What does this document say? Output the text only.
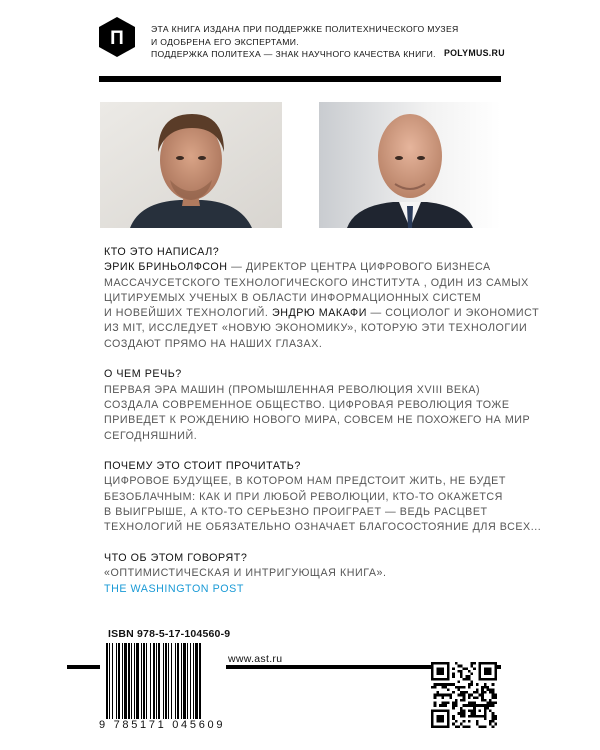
П	ЭТА КНИГА ИЗДАНА ПРИ ПОДДЕРЖКЕ ПОЛИТЕХНИЧЕСКОГО МУЗЕЯ
И ОДОБРЕНА ЕГО ЭКСПЕРТАМИ.
ПОДДЕРЖКА ПОЛИТЕХА — ЗНАК НАУЧНОГО КАЧЕСТВА КНИГИ. POLYMUS.RU
КТО ЭТО НАПИСАЛ?
ЭРИК БРИНЬОЛФСОН — ДИРЕКТОР ЦЕНТРА ЦИФРОВОГО БИЗНЕСА
МАССАЧУСЕТСКОГО ТЕХНОЛОГИЧЕСКОГО ИНСТИТУТА , ОДИН ИЗ САМЫХ
ЦИТИРУЕМЫХ УЧЕНЫХ В ОБЛАСТИ ИНФОРМАЦИОННЫХ СИСТЕМ
И НОВЕЙШИХ ТЕХНОЛОГИЙ. ЭНДРЮ МАКАФИ — СОЦИОЛОГ И ЭКОНОМИСТ
ИЗ MIT, ИССЛЕДУЕТ «НОВУЮ ЭКОНОМИКУ», КОТОРУЮ ЭТИ ТЕХНОЛОГИИ
СОЗДАЮТ ПРЯМО НА НАШИХ ГЛАЗАХ.
О ЧЕМ РЕЧЬ?
ПЕРВАЯ ЭРА МАШИН (ПРОМЫШЛЕННАЯ РЕВОЛЮЦИЯ XVIII ВЕКА)
СОЗДАЛА СОВРЕМЕННОЕ ОБЩЕСТВО. ЦИФРОВАЯ РЕВОЛЮЦИЯ ТОЖЕ
ПРИВЕДЕТ К РОЖДЕНИЮ НОВОГО МИРА, СОВСЕМ НЕ ПОХОЖЕГО НА МИР
СЕГОДНЯШНИЙ.
ПОЧЕМУ ЭТО СТОИТ ПРОЧИТАТЬ?
ЦИФРОВОЕ БУДУЩЕЕ, В КОТОРОМ НАМ ПРЕДСТОИТ ЖИТЬ, НЕ БУДЕТ
БЕЗОБЛАЧНЫМ: КАК И ПРИ ЛЮБОЙ РЕВОЛЮЦИИ, КТО-ТО ОКАЖЕТСЯ
В ВЫИГРЫШЕ, А КТО-ТО СЕРЬЕЗНО ПРОИГРАЕТ — ВЕДЬ РАСЦВЕТ
ТЕХНОЛОГИЙ НЕ ОБЯЗАТЕЛЬНО ОЗНАЧАЕТ БЛАГОСОСТОЯНИЕ ДЛЯ ВСЕХ...
ЧТО ОБ ЭТОМ ГОВОРЯТ?
«ОПТИМИСТИЧЕСКАЯ И ИНТРИГУЮЩАЯ КНИГА».
THE WASHINGTON POST
ISBN 978-5-17-104560-9
9 785171 045609
www.ast.ru
